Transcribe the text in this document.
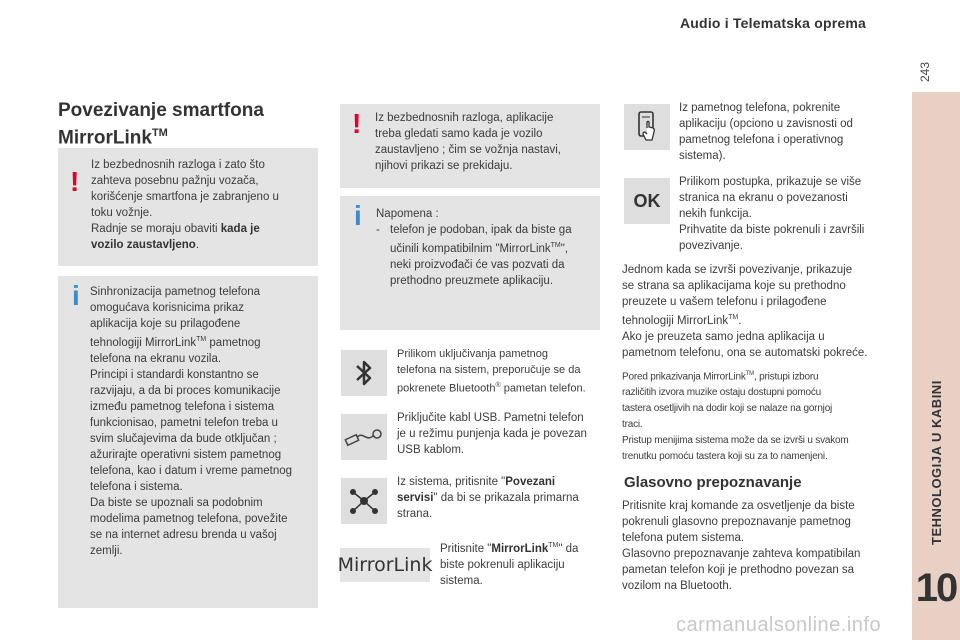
Audio i Telematska oprema
243
TEHNOLOGIJA U KABINI
10
Povezivanje smartfona
MirrorLink™
!
Iz bezbednosnih razloga i zato što
zahteva posebnu pažnju vozača,
korišćenje smartfona je zabranjeno u
toku vožnje.
Radnje se moraju obaviti kada je
vozilo zaustavljeno.
i Sinhronizacija pametnog telefona
omogućava korisnicima prikaz
aplikacija koje su prilagođene
tehnologiji MirrorLink™ pametnog
telefona na ekranu vozila.
Principi i standardi konstantno se
razvijaju, a da bi proces komunikacije
između pametnog telefona i sistema
funkcionisao, pametni telefon treba u
svim slučajevima da bude otključan ;
ažurirajte operativni sistem pametnog
telefona, kao i datum i vreme pametnog
telefona i sistema.
Da biste se upoznali sa podobnim
modelima pametnog telefona, povežite
se na internet adresu brenda u vašoj
zemlji.
! Iz bezbednosnih razloga, aplikacije
treba gledati samo kada je vozilo
zaustavljeno ; čim se vožnja nastavi,
njihovi prikazi se prekidaju.
i Napomena :
- telefon je podoban, ipak da biste ga
učinili kompatibilnim "MirrorLink™",
neki proizvođači će vas pozvati da
prethodno preuzmete aplikaciju.
Prilikom uključivanja pametnog
telefona na sistem, preporučuje se da
pokrenete Bluetooth® pametan telefon.
Priključite kabl USB. Pametni telefon
je u režimu punjenja kada je povezan
USB kablom.
Iz sistema, pritisnite "Povezani
servisi" da bi se prikazala primarna
strana.
MirrorLink
Pritisnite "MirrorLink™" da
biste pokrenuli aplikaciju
sistema.
Iz pametnog telefona, pokrenite
aplikaciju (opciono u zavisnosti od
pametnog telefona i operativnog
sistema).
OK
Prilikom postupka, prikazuje se više
stranica na ekranu o povezanosti
nekih funkcija.
Prihvatite da biste pokrenuli i završili
povezivanje.
Jednom kada se izvrši povezivanje, prikazuje
se strana sa aplikacijama koje su prethodno
preuzete u vašem telefonu i prilagođene
tehnologiji MirrorLink™.
Ako je preuzeta samo jedna aplikacija u
pametnom telefonu, ona se automatski pokreće.
Pored prikazivanja MirrorLink™, pristupi izboru
različitih izvora muzike ostaju dostupni pomoću
tastera osetljivih na dodir koji se nalaze na gornjoj
traci.
Pristup menijima sistema može da se izvrši u svakom
trenutku pomoću tastera koji su za to namenjeni.
Glasovno prepoznavanje
Pritisnite kraj komande za osvetljenje da biste
pokrenuli glasovno prepoznavanje pametnog
telefona putem sistema.
Glasovno prepoznavanje zahteva kompatibilan
pametan telefon koji je prethodno povezan sa
vozilom na Bluetooth.
carmanualsonline.info
